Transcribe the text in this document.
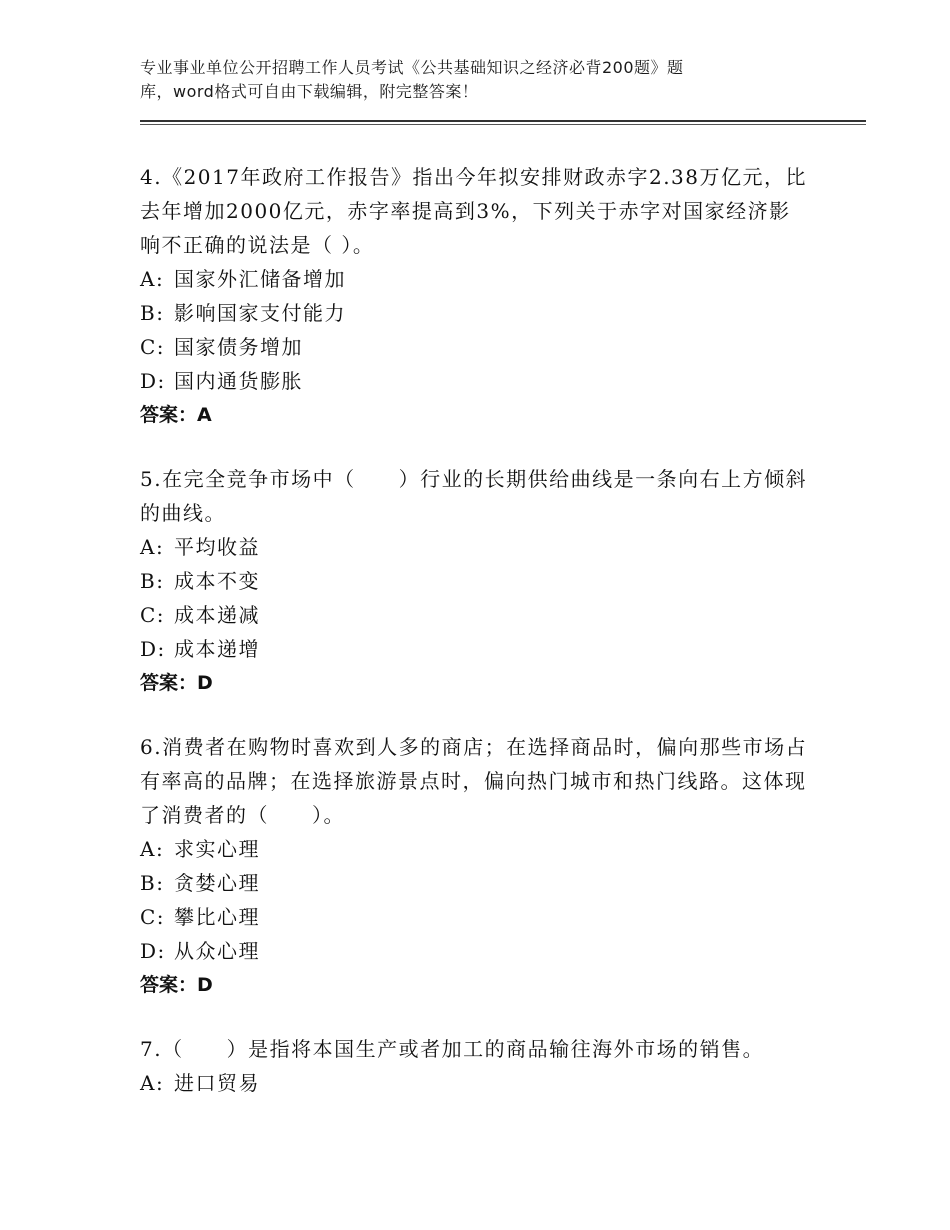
专业事业单位公开招聘工作人员考试《公共基础知识之经济必背200题》题

库，word格式可自由下载编辑，附完整答案！

4.《2017年政府工作报告》指出今年拟安排财政赤字2.38万亿元，比去年增加2000亿元，赤字率提高到3%，下列关于赤字对国家经济影响不正确的说法是（ ）。

A: 国家外汇储备增加

B: 影响国家支付能力

C: 国家债务增加

D: 国内通货膨胀

答案：A

5.在完全竞争市场中（　　）行业的长期供给曲线是一条向右上方倾斜的曲线。

A: 平均收益

B: 成本不变

C: 成本递减

D: 成本递增

答案：D

6.消费者在购物时喜欢到人多的商店；在选择商品时，偏向那些市场占有率高的品牌；在选择旅游景点时，偏向热门城市和热门线路。这体现了消费者的（　　）。

A: 求实心理

B: 贪婪心理

C: 攀比心理

D: 从众心理

答案：D

7.（　　）是指将本国生产或者加工的商品输往海外市场的销售。

A: 进口贸易
